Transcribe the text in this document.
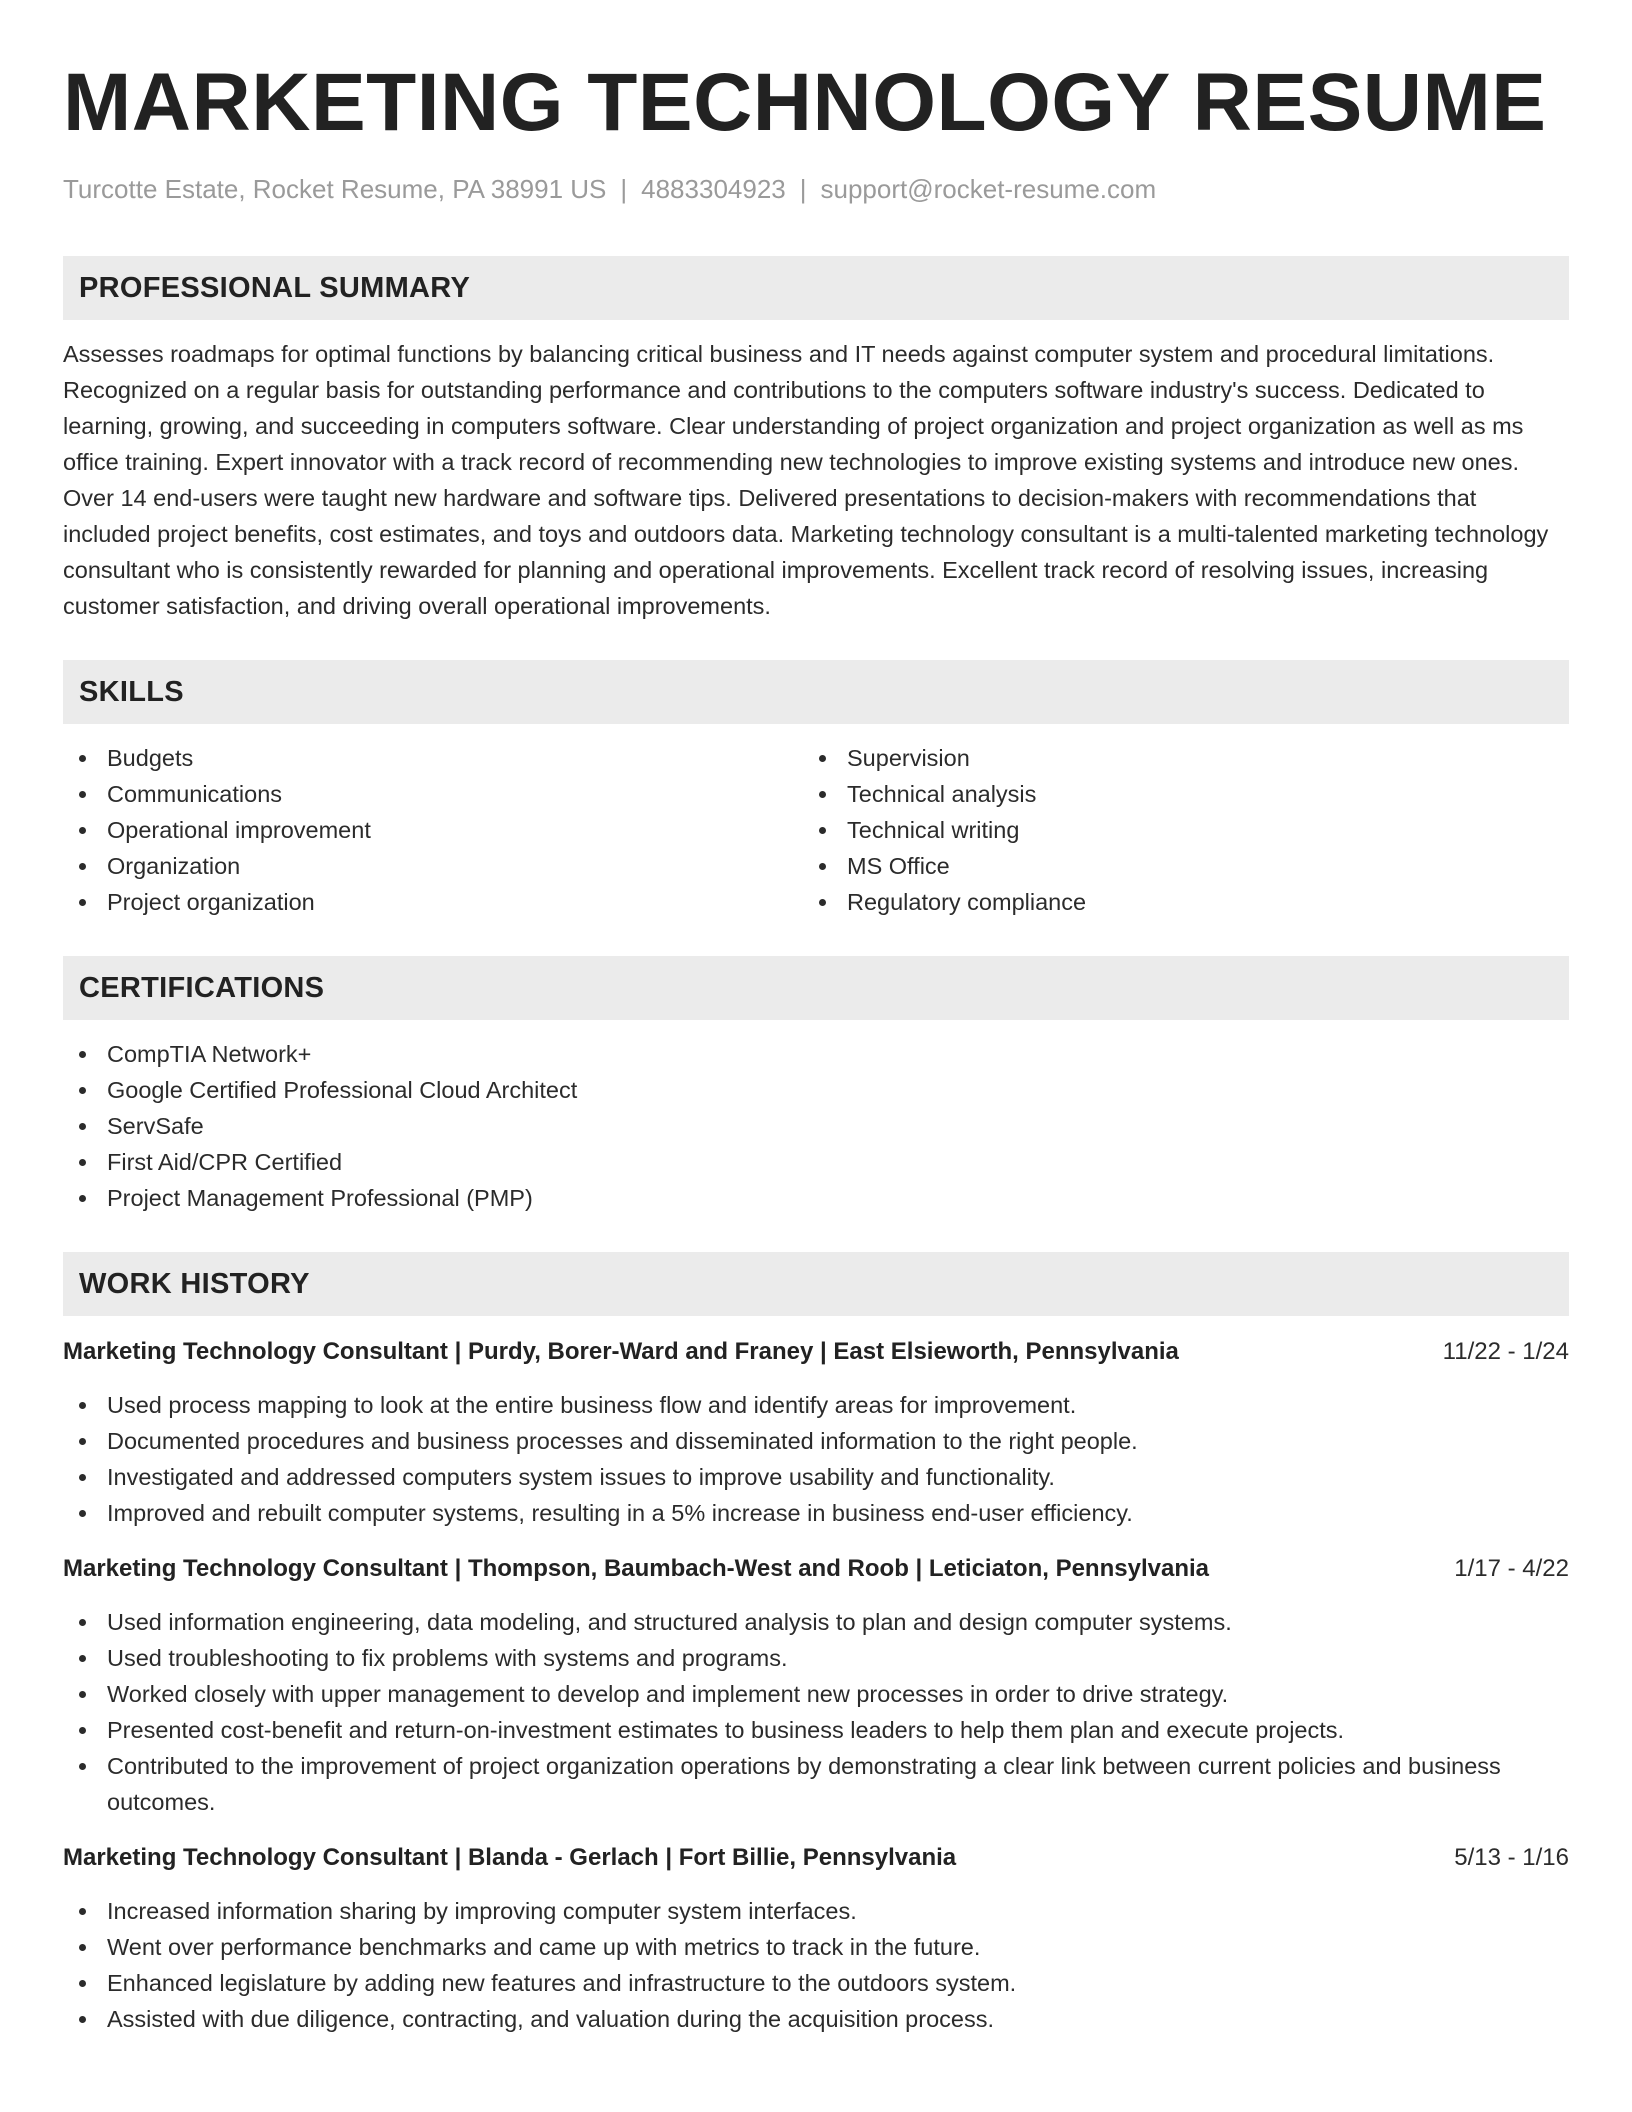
MARKETING TECHNOLOGY RESUME
Turcotte Estate, Rocket Resume, PA 38991 US | 4883304923 | support@rocket-resume.com
PROFESSIONAL SUMMARY

Assesses roadmaps for optimal functions by balancing critical business and IT needs against computer system and procedural limitations. Recognized on a regular basis for outstanding performance and contributions to the computers software industry's success. Dedicated to learning, growing, and succeeding in computers software. Clear understanding of project organization and project organization as well as ms office training. Expert innovator with a track record of recommending new technologies to improve existing systems and introduce new ones. Over 14 end-users were taught new hardware and software tips. Delivered presentations to decision-makers with recommendations that included project benefits, cost estimates, and toys and outdoors data. Marketing technology consultant is a multi-talented marketing technology consultant who is consistently rewarded for planning and operational improvements. Excellent track record of resolving issues, increasing customer satisfaction, and driving overall operational improvements.

SKILLS
Budgets
Communications
Operational improvement
Organization
Project organization
Supervision
Technical analysis
Technical writing
MS Office
Regulatory compliance
CERTIFICATIONS
CompTIA Network+
Google Certified Professional Cloud Architect
ServSafe
First Aid/CPR Certified
Project Management Professional (PMP)
WORK HISTORY
Marketing Technology Consultant | Purdy, Borer-Ward and Franey | East Elsieworth, Pennsylvania	11/22 - 1/24
Used process mapping to look at the entire business flow and identify areas for improvement.
Documented procedures and business processes and disseminated information to the right people.
Investigated and addressed computers system issues to improve usability and functionality.
Improved and rebuilt computer systems, resulting in a 5% increase in business end-user efficiency.
Marketing Technology Consultant | Thompson, Baumbach-West and Roob | Leticiaton, Pennsylvania	1/17 - 4/22
Used information engineering, data modeling, and structured analysis to plan and design computer systems.
Used troubleshooting to fix problems with systems and programs.
Worked closely with upper management to develop and implement new processes in order to drive strategy.
Presented cost-benefit and return-on-investment estimates to business leaders to help them plan and execute projects.
Contributed to the improvement of project organization operations by demonstrating a clear link between current policies and business outcomes.
Marketing Technology Consultant | Blanda - Gerlach | Fort Billie, Pennsylvania	5/13 - 1/16
Increased information sharing by improving computer system interfaces.
Went over performance benchmarks and came up with metrics to track in the future.
Enhanced legislature by adding new features and infrastructure to the outdoors system.
Assisted with due diligence, contracting, and valuation during the acquisition process.
